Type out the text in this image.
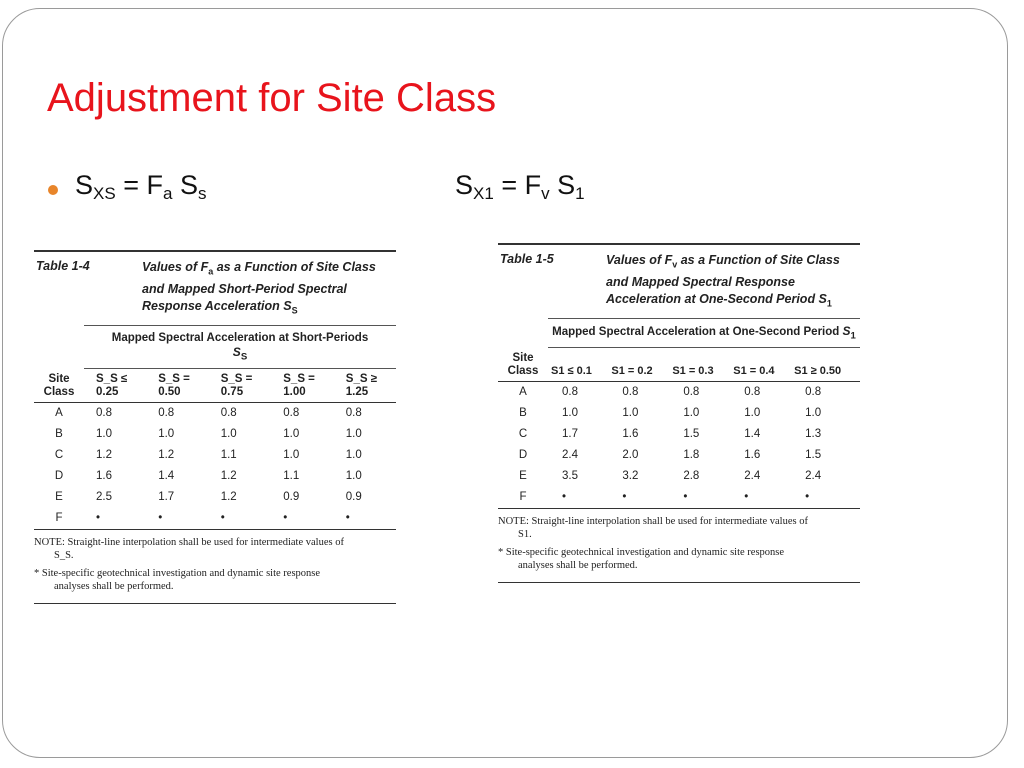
Adjustment for Site Class
$S_{XS} = F_a$ $S_s$	$S_{X1} = F_v$ $S_1$
Table 1-4	Values of $F_a$ as a Function of Site Class and Mapped Short-Period Spectral Response Acceleration $S_S$
Mapped Spectral Acceleration at Short-Periods
$S_S$
Site Class	S_S ≤ 0.25	S_S = 0.50	S_S = 0.75	S_S = 1.00	S_S ≥ 1.25
A	0.8	0.8	0.8	0.8	0.8
B	1.0	1.0	1.0	1.0	1.0
C	1.2	1.2	1.1	1.0	1.0
D	1.6	1.4	1.2	1.1	1.0
E	2.5	1.7	1.2	0.9	0.9
F	•	•	•	•	•

NOTE: Straight-line interpolation shall be used for intermediate values of
S_S.

* Site-specific geotechnical investigation and dynamic site response
analyses shall be performed.

Table 1-5	Values of $F_v$ as a Function of Site Class and Mapped Spectral Response Acceleration at One-Second Period $S_1$
Mapped Spectral Acceleration at One-Second Period $S_1$
Site Class	S1 ≤ 0.1	S1 = 0.2	S1 = 0.3	S1 = 0.4	S1 ≥ 0.50
A	0.8	0.8	0.8	0.8	0.8
B	1.0	1.0	1.0	1.0	1.0
C	1.7	1.6	1.5	1.4	1.3
D	2.4	2.0	1.8	1.6	1.5
E	3.5	3.2	2.8	2.4	2.4
F	•	•	•	•	•

NOTE: Straight-line interpolation shall be used for intermediate values of
S1.

* Site-specific geotechnical investigation and dynamic site response
analyses shall be performed.
